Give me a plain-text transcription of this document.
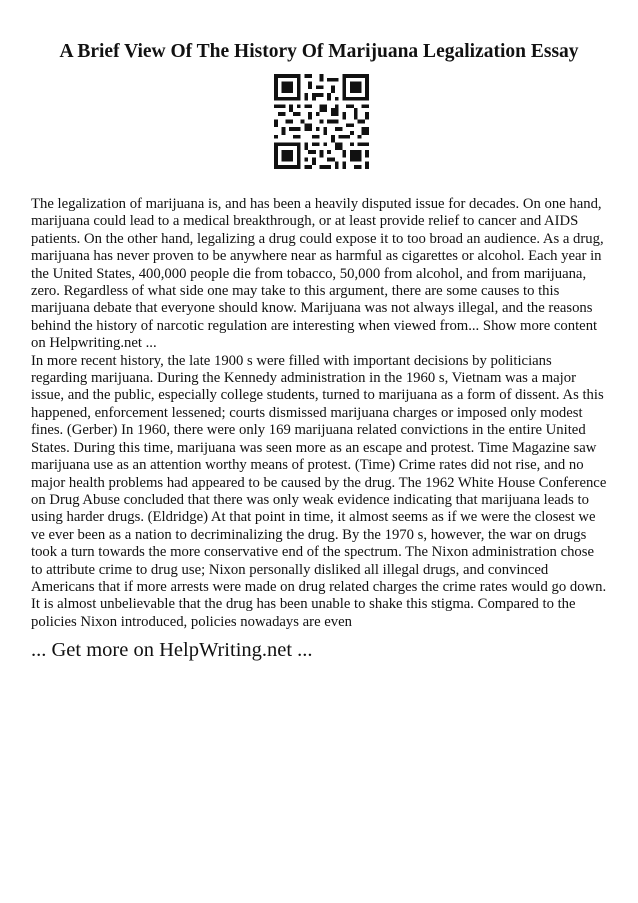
A Brief View Of The History Of Marijuana Legalization Essay

The legalization of marijuana is, and has been a heavily disputed issue for decades. On one hand, marijuana could lead to a medical breakthrough, or at least provide relief to cancer and AIDS patients. On the other hand, legalizing a drug could expose it to too broad an audience. As a drug, marijuana has never proven to be anywhere near as harmful as cigarettes or alcohol. Each year in the United States, 400,000 people die from tobacco, 50,000 from alcohol, and from marijuana, zero. Regardless of what side one may take to this argument, there are some causes to this marijuana debate that everyone should know. Marijuana was not always illegal, and the reasons behind the history of narcotic regulation are interesting when viewed from... Show more content on Helpwriting.net ...

In more recent history, the late 1900 s were filled with important decisions by politicians regarding marijuana. During the Kennedy administration in the 1960 s, Vietnam was a major issue, and the public, especially college students, turned to marijuana as a form of dissent. As this happened, enforcement lessened; courts dismissed marijuana charges or imposed only modest fines. (Gerber) In 1960, there were only 169 marijuana related convictions in the entire United States. During this time, marijuana was seen more as an escape and protest. Time Magazine saw marijuana use as an attention worthy means of protest. (Time) Crime rates did not rise, and no major health problems had appeared to be caused by the drug. The 1962 White House Conference on Drug Abuse concluded that there was only weak evidence indicating that marijuana leads to using harder drugs. (Eldridge) At that point in time, it almost seems as if we were the closest we ve ever been as a nation to decriminalizing the drug. By the 1970 s, however, the war on drugs took a turn towards the more conservative end of the spectrum. The Nixon administration chose to attribute crime to drug use; Nixon personally disliked all illegal drugs, and convinced Americans that if more arrests were made on drug related charges the crime rates would go down. It is almost unbelievable that the drug has been unable to shake this stigma. Compared to the policies Nixon introduced, policies nowadays are even

... Get more on HelpWriting.net ...
